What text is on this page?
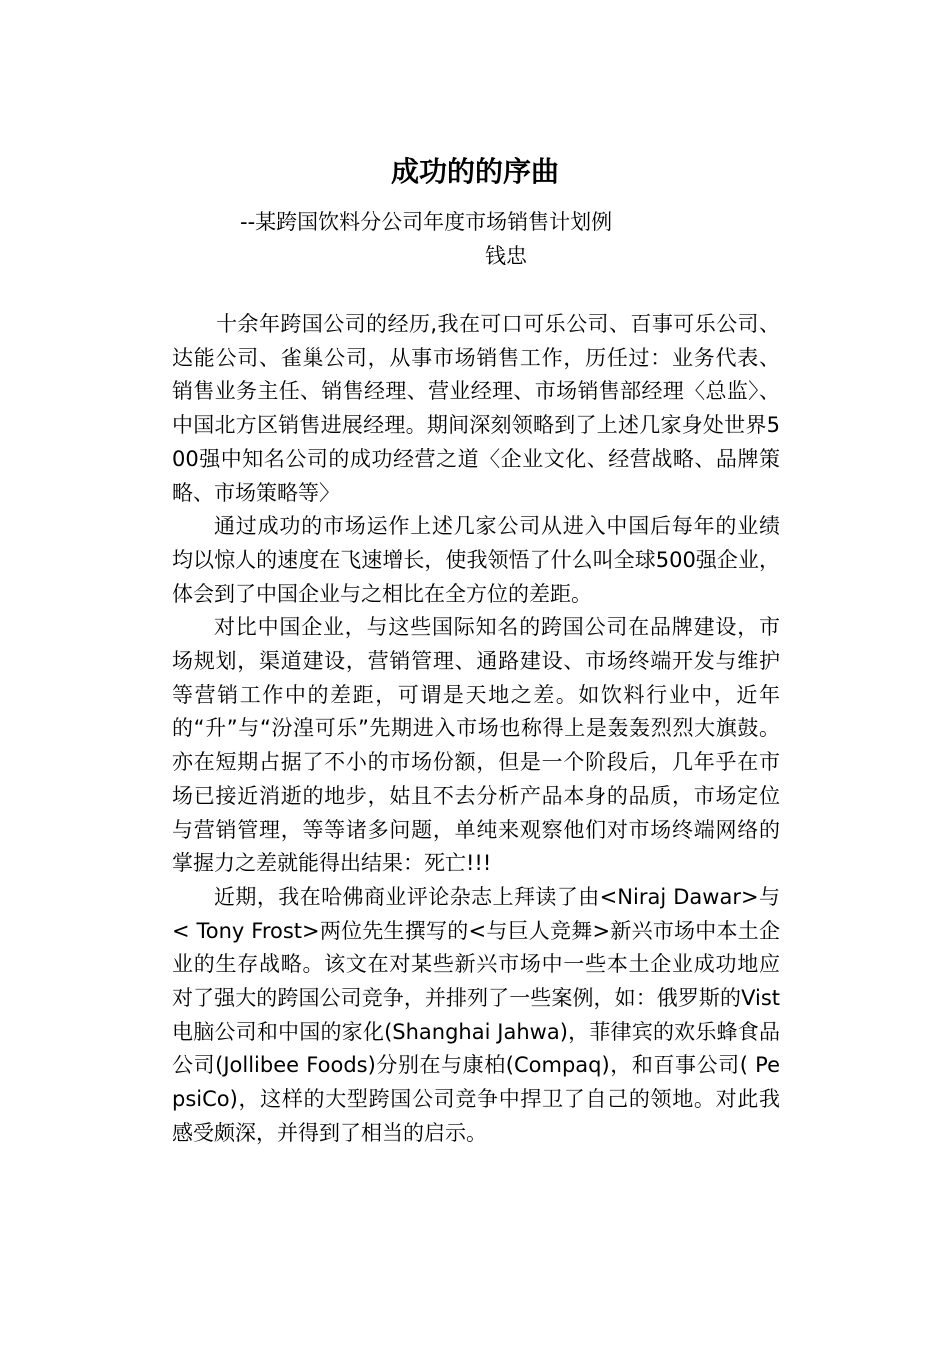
成功的的序曲
--某跨国饮料分公司年度市场销售计划例
钱忠

十余年跨国公司的经历,我在可口可乐公司、百事可乐公司、达能公司、雀巢公司，从事市场销售工作，历任过：业务代表、销售业务主任、销售经理、营业经理、市场销售部经理〈总监〉、中国北方区销售进展经理。期间深刻领略到了上述几家身处世界500强中知名公司的成功经营之道〈企业文化、经营战略、品牌策略、市场策略等〉

通过成功的市场运作上述几家公司从进入中国后每年的业绩均以惊人的速度在飞速增长，使我领悟了什么叫全球500强企业，体会到了中国企业与之相比在全方位的差距。

对比中国企业，与这些国际知名的跨国公司在品牌建设，市场规划，渠道建设，营销管理、通路建设、市场终端开发与维护等营销工作中的差距，可谓是天地之差。如饮料行业中，近年的“升”与“汾湟可乐”先期进入市场也称得上是轰轰烈烈大旗鼓。亦在短期占据了不小的市场份额，但是一个阶段后，几年乎在市场已接近消逝的地步，姑且不去分析产品本身的品质，市场定位与营销管理，等等诸多问题，单纯来观察他们对市场终端网络的掌握力之差就能得出结果：死亡!!!

近期，我在哈佛商业评论杂志上拜读了由<Niraj Dawar>与< Tony Frost>两位先生撰写的<与巨人竞舞>新兴市场中本土企业的生存战略。该文在对某些新兴市场中一些本土企业成功地应对了强大的跨国公司竞争，并排列了一些案例，如：俄罗斯的Vist电脑公司和中国的家化(Shanghai Jahwa)，菲律宾的欢乐蜂食品公司(Jollibee Foods)分别在与康柏(Compaq)，和百事公司( PepsiCo)，这样的大型跨国公司竞争中捍卫了自己的领地。对此我感受颇深，并得到了相当的启示。
